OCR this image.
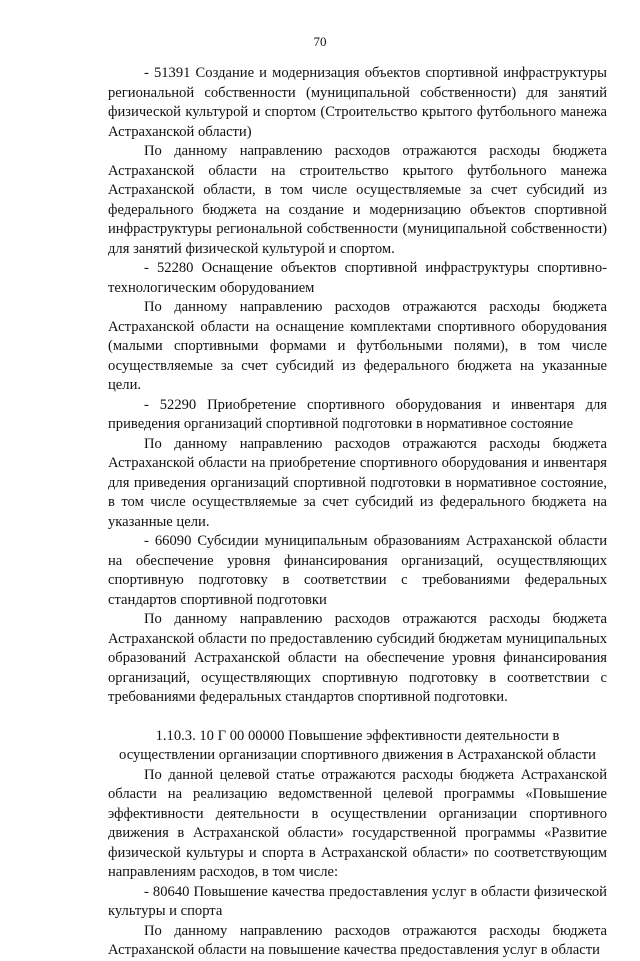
70

- 51391 Создание и модернизация объектов спортивной инфраструктуры региональной собственности (муниципальной собственности) для занятий физической культурой и спортом (Строительство крытого футбольного манежа Астраханской области)

По данному направлению расходов отражаются расходы бюджета Астраханской области на строительство крытого футбольного манежа Астраханской области, в том числе осуществляемые за счет субсидий из федерального бюджета на создание и модернизацию объектов спортивной инфраструктуры региональной собственности (муниципальной собственности) для занятий физической культурой и спортом.

- 52280 Оснащение объектов спортивной инфраструктуры спортивно-технологическим оборудованием

По данному направлению расходов отражаются расходы бюджета Астраханской области на оснащение комплектами спортивного оборудования (малыми спортивными формами и футбольными полями), в том числе осуществляемые за счет субсидий из федерального бюджета на указанные цели.

- 52290 Приобретение спортивного оборудования и инвентаря для приведения организаций спортивной подготовки в нормативное состояние

По данному направлению расходов отражаются расходы бюджета Астраханской области на приобретение спортивного оборудования и инвентаря для приведения организаций спортивной подготовки в нормативное состояние, в том числе осуществляемые за счет субсидий из федерального бюджета на указанные цели.

- 66090 Субсидии муниципальным образованиям Астраханской области на обеспечение уровня финансирования организаций, осуществляющих спортивную подготовку в соответствии с требованиями федеральных стандартов спортивной подготовки

По данному направлению расходов отражаются расходы бюджета Астраханской области по предоставлению субсидий бюджетам муниципальных образований Астраханской области на обеспечение уровня финансирования организаций, осуществляющих спортивную подготовку в соответствии с требованиями федеральных стандартов спортивной подготовки.

1.10.3. 10 Г 00 00000 Повышение эффективности деятельности в осуществлении организации спортивного движения в Астраханской области

По данной целевой статье отражаются расходы бюджета Астраханской области на реализацию ведомственной целевой программы «Повышение эффективности деятельности в осуществлении организации спортивного движения в Астраханской области» государственной программы «Развитие физической культуры и спорта в Астраханской области» по соответствующим направлениям расходов, в том числе:

- 80640 Повышение качества предоставления услуг в области физической культуры и спорта

По данному направлению расходов отражаются расходы бюджета Астраханской области на повышение качества предоставления услуг в области
